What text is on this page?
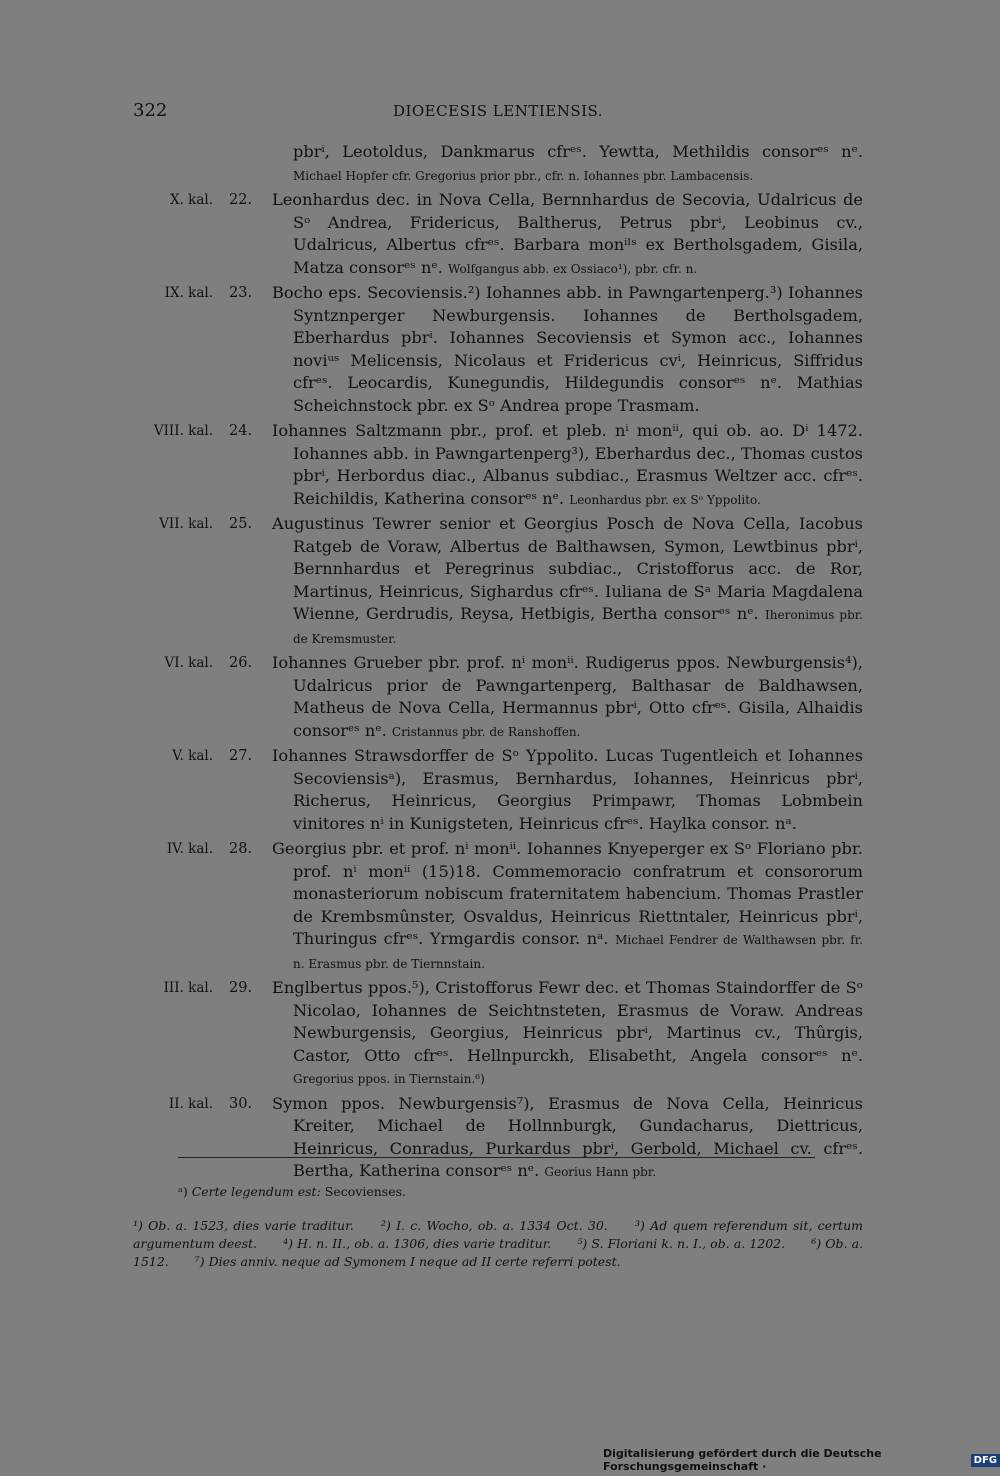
322	DIOECESIS LENTIENSIS.
pbrⁱ, Leotoldus, Dankmarus cfrᵉˢ. Yewtta, Methildis consorᵉˢ nᵉ. Michael Hopfer cfr. Gregorius prior pbr., cfr. n. Iohannes pbr. Lambacensis.
X. kal. 22. Leonhardus dec. in Nova Cella, Bernnhardus de Secovia, Udalricus de Sᵒ Andrea, Fridericus, Baltherus, Petrus pbrⁱ, Leobinus cv., Udalricus, Albertus cfrᵉˢ. Barbara monⁱˡˢ ex Bertholsgadem, Gisila, Matza consorᵉˢ nᵉ. Wolfgangus abb. ex Ossiaco¹), pbr. cfr. n.
IX. kal. 23. Bocho eps. Secoviensis.²) Iohannes abb. in Pawngartenperg.³) Iohannes Syntznperger Newburgensis. Iohannes de Bertholsgadem, Eberhardus pbrⁱ. Iohannes Secoviensis et Symon acc., Iohannes noviᵘˢ Melicensis, Nicolaus et Fridericus cvⁱ, Heinricus, Siffridus cfrᵉˢ. Leocardis, Kunegundis, Hildegundis consorᵉˢ nᵉ. Mathias Scheichnstock pbr. ex Sᵒ Andrea prope Trasmam.
VIII. kal. 24. Iohannes Saltzmann pbr., prof. et pleb. nⁱ monⁱⁱ, qui ob. ao. Dⁱ 1472. Iohannes abb. in Pawngartenperg³), Eberhardus dec., Thomas custos pbrⁱ, Herbordus diac., Albanus subdiac., Erasmus Weltzer acc. cfrᵉˢ. Reichildis, Katherina consorᵉˢ nᵉ. Leonhardus pbr. ex Sᵒ Yppolito.
VII. kal. 25. Augustinus Tewrer senior et Georgius Posch de Nova Cella, Iacobus Ratgeb de Voraw, Albertus de Balthawsen, Symon, Lewtbinus pbrⁱ, Bernnhardus et Peregrinus subdiac., Cristofforus acc. de Ror, Martinus, Heinricus, Sighardus cfrᵉˢ. Iuliana de Sᵃ Maria Magdalena Wienne, Gerdrudis, Reysa, Hetbigis, Bertha consorᵉˢ nᵉ. Iheronimus pbr. de Kremsmuster.
VI. kal. 26. Iohannes Grueber pbr. prof. nⁱ monⁱⁱ. Rudigerus ppos. Newburgensis⁴), Udalricus prior de Pawngartenperg, Balthasar de Baldhawsen, Matheus de Nova Cella, Hermannus pbrⁱ, Otto cfrᵉˢ. Gisila, Alhaidis consorᵉˢ nᵉ. Cristannus pbr. de Ranshoffen.
V. kal. 27. Iohannes Strawsdorffer de Sᵒ Yppolito. Lucas Tugentleich et Iohannes Secoviensisᵃ), Erasmus, Bernhardus, Iohannes, Heinricus pbrⁱ, Richerus, Heinricus, Georgius Primpawr, Thomas Lobmbein vinitores nⁱ in Kunigsteten, Heinricus cfrᵉˢ. Haylka consor. nᵃ.
IV. kal. 28. Georgius pbr. et prof. nⁱ monⁱⁱ. Iohannes Knyeperger ex Sᵒ Floriano pbr. prof. nⁱ monⁱⁱ (15)18. Commemoracio confratrum et consororum monasteriorum nobiscum fraternitatem habencium. Thomas Prastler de Krembsmûnster, Osvaldus, Heinricus Riettntaler, Heinricus pbrⁱ, Thuringus cfrᵉˢ. Yrmgardis consor. nᵃ. Michael Fendrer de Walthawsen pbr. fr. n. Erasmus pbr. de Tiernnstain.
III. kal. 29. Englbertus ppos.⁵), Cristofforus Fewr dec. et Thomas Staindorffer de Sᵒ Nicolao, Iohannes de Seichtnsteten, Erasmus de Voraw. Andreas Newburgensis, Georgius, Heinricus pbrⁱ, Martinus cv., Thûrgis, Castor, Otto cfrᵉˢ. Hellnpurckh, Elisabetht, Angela consorᵉˢ nᵉ. Gregorius ppos. in Tiernstain.⁶)
II. kal. 30. Symon ppos. Newburgensis⁷), Erasmus de Nova Cella, Heinricus Kreiter, Michael de Hollnnburgk, Gundacharus, Diettricus, Heinricus, Conradus, Purkardus pbrⁱ, Gerbold, Michael cv. cfrᵉˢ. Bertha, Katherina consorᵉˢ nᵉ. Georius Hann pbr.
ᵃ) Certe legendum est: Secovienses.
¹) Ob. a. 1523, dies varie traditur. ²) I. c. Wocho, ob. a. 1334 Oct. 30. ³) Ad quem referendum sit, certum argumentum deest. ⁴) H. n. II., ob. a. 1306, dies varie traditur. ⁵) S. Floriani k. n. I., ob. a. 1202. ⁶) Ob. a. 1512. ⁷) Dies anniv. neque ad Symonem I neque ad II certe referri potest.
Digitalisierung gefördert durch die Deutsche Forschungsgemeinschaft ·	DFG
